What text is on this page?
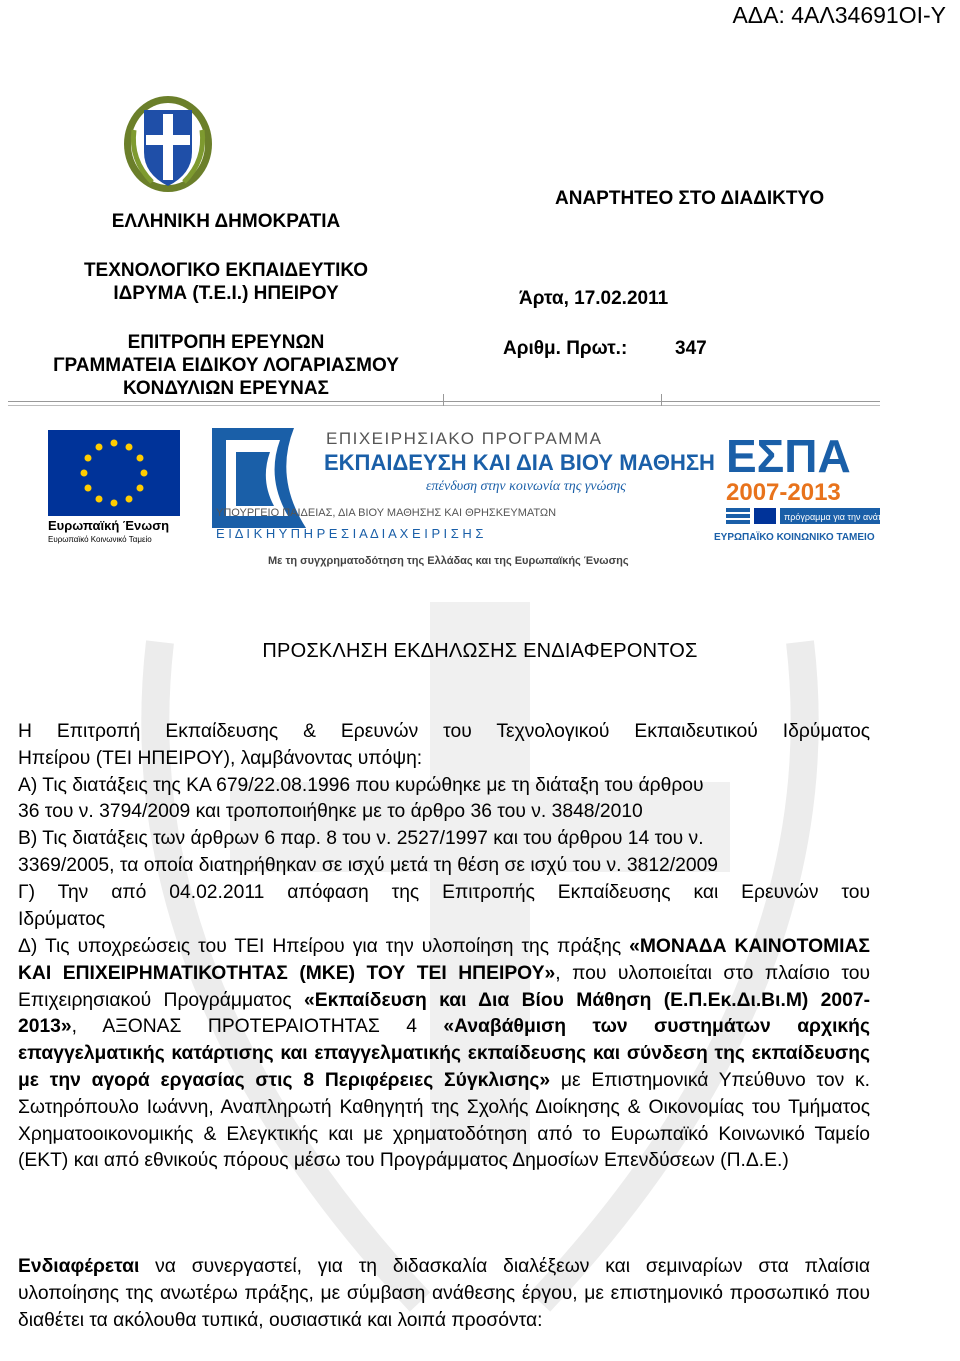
ΑΔΑ: 4ΑΛ34691ΟΙ-Υ
ΕΛΛΗΝΙΚΗ ΔΗΜΟΚΡΑΤΙΑ
ΤΕΧΝΟΛΟΓΙΚΟ ΕΚΠΑΙΔΕΥΤΙΚΟ
ΙΔΡΥΜΑ (Τ.Ε.Ι.) ΗΠΕΙΡΟΥ
ΕΠΙΤΡΟΠΗ ΕΡΕΥΝΩΝ
ΓΡΑΜΜΑΤΕΙΑ ΕΙΔΙΚΟΥ ΛΟΓΑΡΙΑΣΜΟΥ
ΚΟΝΔΥΛΙΩΝ ΕΡΕΥΝΑΣ
ΑΝΑΡΤΗΤΕΟ ΣΤΟ ΔΙΑΔΙΚΤΥΟ
Άρτα, 17.02.2011
Αριθμ. Πρωτ.:	347
Ευρωπαϊκή Ένωση
Ευρωπαϊκό Κοινωνικό Ταμείο
ΕΠΙΧΕΙΡΗΣΙΑΚΟ ΠΡΟΓΡΑΜΜΑ
ΕΚΠΑΙΔΕΥΣΗ ΚΑΙ ΔΙΑ ΒΙΟΥ ΜΑΘΗΣΗ
επένδυση στην κοινωνία της γνώσης
ΥΠΟΥΡΓΕΙΟ ΠΑΙΔΕΙΑΣ, ΔΙΑ ΒΙΟΥ ΜΑΘΗΣΗΣ ΚΑΙ ΘΡΗΣΚΕΥΜΑΤΩΝ
Ε Ι Δ Ι Κ Η Υ Π Η Ρ Ε Σ Ι Α Δ Ι Α Χ Ε Ι Ρ Ι Σ Η Σ
Με τη συγχρηματοδότηση της Ελλάδας και της Ευρωπαϊκής Ένωσης
ΕΣΠΑ
2007-2013
πρόγραμμα για την ανάπτυξη
ΕΥΡΩΠΑΪΚΟ ΚΟΙΝΩΝΙΚΟ ΤΑΜΕΙΟ
ΠΡΟΣΚΛΗΣΗ ΕΚΔΗΛΩΣΗΣ ΕΝΔΙΑΦΕΡΟΝΤΟΣ
Η Επιτροπή Εκπαίδευσης & Ερευνών του Τεχνολογικού Εκπαιδευτικού Ιδρύματος
Ηπείρου (ΤΕΙ ΗΠΕΙΡΟΥ), λαμβάνοντας υπόψη:
Α) Τις διατάξεις της ΚΑ 679/22.08.1996 που κυρώθηκε με τη διάταξη του άρθρου
36 του ν. 3794/2009 και τροποποιήθηκε με το άρθρο 36 του ν. 3848/2010
Β) Τις διατάξεις των άρθρων 6 παρ. 8 του ν. 2527/1997 και του άρθρου 14 του ν.
3369/2005, τα οποία διατηρήθηκαν σε ισχύ μετά τη θέση σε ισχύ του ν. 3812/2009
Γ) Την από 04.02.2011 απόφαση της Επιτροπής Εκπαίδευσης και Ερευνών του
Ιδρύματος
Δ) Τις υποχρεώσεις του ΤΕΙ Ηπείρου για την υλοποίηση της πράξης «ΜΟΝΑΔΑ ΚΑΙΝΟΤΟΜΙΑΣ ΚΑΙ ΕΠΙΧΕΙΡΗΜΑΤΙΚΟΤΗΤΑΣ (ΜΚΕ) ΤΟΥ ΤΕΙ ΗΠΕΙΡΟΥ», που υλοποιείται στο πλαίσιο του Επιχειρησιακού Προγράμματος «Εκπαίδευση και Δια Βίου Μάθηση (Ε.Π.Εκ.Δι.Βι.Μ) 2007-2013», ΑΞΟΝΑΣ ΠΡΟΤΕΡΑΙΟΤΗΤΑΣ 4 «Αναβάθμιση των συστημάτων αρχικής επαγγελματικής κατάρτισης και επαγγελματικής εκπαίδευσης και σύνδεση της εκπαίδευσης με την αγορά εργασίας στις 8 Περιφέρειες Σύγκλισης» με Επιστημονικά Υπεύθυνο τον κ. Σωτηρόπουλο Ιωάννη, Αναπληρωτή Καθηγητή της Σχολής Διοίκησης & Οικονομίας του Τμήματος Χρηματοοικονομικής & Ελεγκτικής και με χρηματοδότηση από το Ευρωπαϊκό Κοινωνικό Ταμείο (ΕΚΤ) και από εθνικούς πόρους μέσω του Προγράμματος Δημοσίων Επενδύσεων (Π.Δ.Ε.)
Ενδιαφέρεται να συνεργαστεί, για τη διδασκαλία διαλέξεων και σεμιναρίων στα πλαίσια υλοποίησης της ανωτέρω πράξης, με σύμβαση ανάθεσης έργου, με επιστημονικό προσωπικό που διαθέτει τα ακόλουθα τυπικά, ουσιαστικά και λοιπά προσόντα:
